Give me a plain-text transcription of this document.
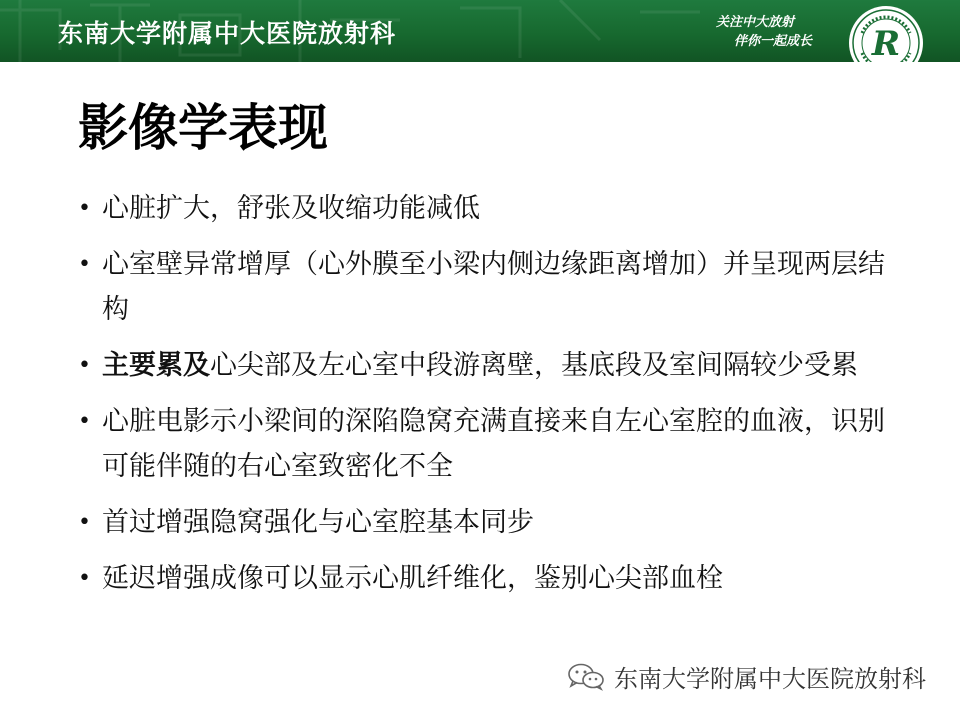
东南大学附属中大医院放射科	关注中大放射
伴你一起成长	R
影像学表现
• 心脏扩大，舒张及收缩功能减低
• 心室壁异常增厚（心外膜至小梁内侧边缘距离增加）并呈现两层结构
• 主要累及心尖部及左心室中段游离壁，基底段及室间隔较少受累
• 心脏电影示小梁间的深陷隐窝充满直接来自左心室腔的血液，识别可能伴随的右心室致密化不全
• 首过增强隐窝强化与心室腔基本同步
• 延迟增强成像可以显示心肌纤维化，鉴别心尖部血栓
东南大学附属中大医院放射科
